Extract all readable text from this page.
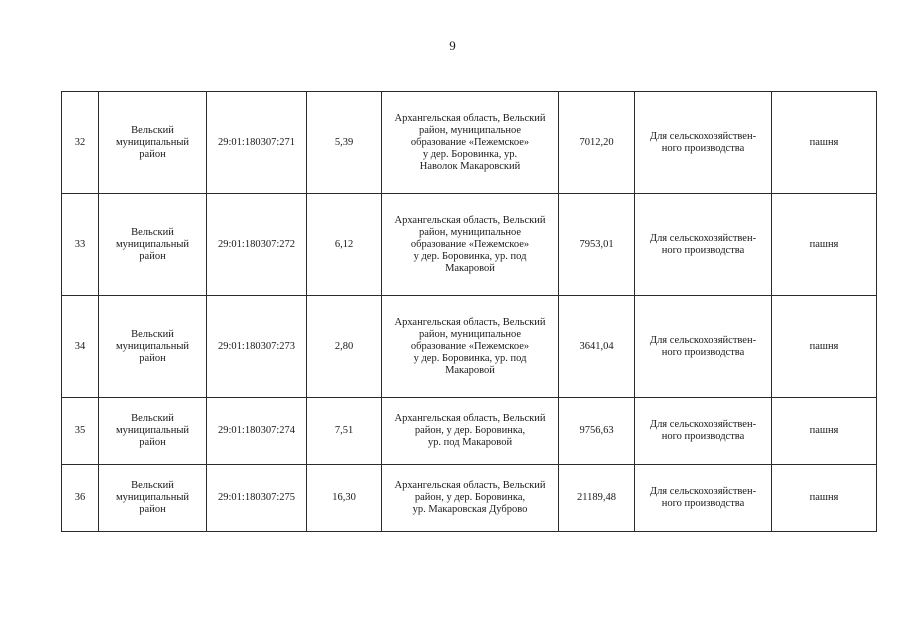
9
32	Вельский
муниципальный
район	29:01:180307:271	5,39	Архангельская область, Вельский
район, муниципальное
образование «Пежемское»
у дер. Боровинка, ур.
Наволок Макаровский	7012,20	Для сельскохозяйствен-
ного производства	пашня
33	Вельский
муниципальный
район	29:01:180307:272	6,12	Архангельская область, Вельский
район, муниципальное
образование «Пежемское»
у дер. Боровинка, ур. под
Макаровой	7953,01	Для сельскохозяйствен-
ного производства	пашня
34	Вельский
муниципальный
район	29:01:180307:273	2,80	Архангельская область, Вельский
район, муниципальное
образование «Пежемское»
у дер. Боровинка, ур. под
Макаровой	3641,04	Для сельскохозяйствен-
ного производства	пашня
35	Вельский
муниципальный
район	29:01:180307:274	7,51	Архангельская область, Вельский
район, у дер. Боровинка,
ур. под Макаровой	9756,63	Для сельскохозяйствен-
ного производства	пашня
36	Вельский
муниципальный
район	29:01:180307:275	16,30	Архангельская область, Вельский
район, у дер. Боровинка,
ур. Макаровская Дуброво	21189,48	Для сельскохозяйствен-
ного производства	пашня
